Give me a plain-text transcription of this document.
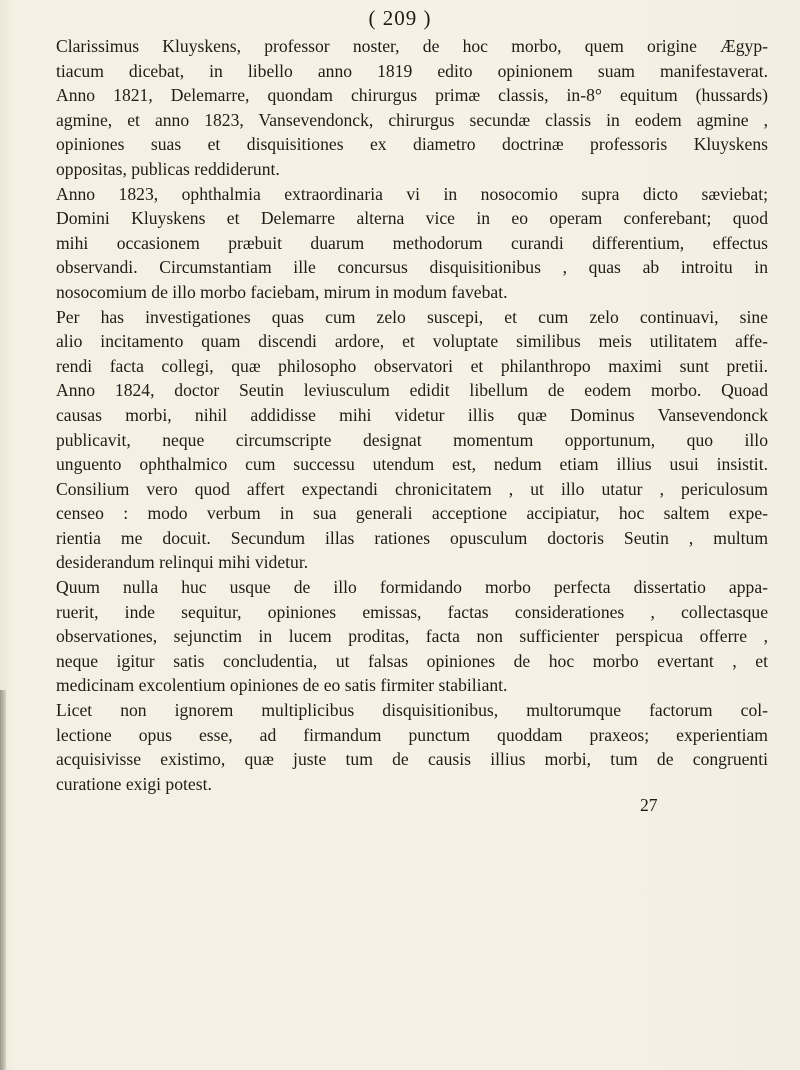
( 209 )
Clarissimus Kluyskens, professor noster, de hoc morbo, quem origine Ægyp-
tiacum dicebat, in libello anno 1819 edito opinionem suam manifestaverat.
Anno 1821, Delemarre, quondam chirurgus primæ classis, in-8° equitum (hussards)
agmine, et anno 1823, Vansevendonck, chirurgus secundæ classis in eodem agmine ,
opiniones suas et disquisitiones ex diametro doctrinæ professoris Kluyskens
oppositas, publicas reddiderunt.
Anno 1823, ophthalmia extraordinaria vi in nosocomio supra dicto sæviebat;
Domini Kluyskens et Delemarre alterna vice in eo operam conferebant; quod
mihi occasionem præbuit duarum methodorum curandi differentium, effectus
observandi. Circumstantiam ille concursus disquisitionibus , quas ab introitu in
nosocomium de illo morbo faciebam, mirum in modum favebat.
Per has investigationes quas cum zelo suscepi, et cum zelo continuavi, sine
alio incitamento quam discendi ardore, et voluptate similibus meis utilitatem affe-
rendi facta collegi, quæ philosopho observatori et philanthropo maximi sunt pretii.
Anno 1824, doctor Seutin leviusculum edidit libellum de eodem morbo. Quoad
causas morbi, nihil addidisse mihi videtur illis quæ Dominus Vansevendonck
publicavit, neque circumscripte designat momentum opportunum, quo illo
unguento ophthalmico cum successu utendum est, nedum etiam illius usui insistit.
Consilium vero quod affert expectandi chronicitatem , ut illo utatur , periculosum
censeo : modo verbum in sua generali acceptione accipiatur, hoc saltem expe-
rientia me docuit. Secundum illas rationes opusculum doctoris Seutin , multum
desiderandum relinqui mihi videtur.
Quum nulla huc usque de illo formidando morbo perfecta dissertatio appa-
ruerit, inde sequitur, opiniones emissas, factas considerationes , collectasque
observationes, sejunctim in lucem proditas, facta non sufficienter perspicua offerre ,
neque igitur satis concludentia, ut falsas opiniones de hoc morbo evertant , et
medicinam excolentium opiniones de eo satis firmiter stabiliant.
Licet non ignorem multiplicibus disquisitionibus, multorumque factorum col-
lectione opus esse, ad firmandum punctum quoddam praxeos; experientiam
acquisivisse existimo, quæ juste tum de causis illius morbi, tum de congruenti
curatione exigi potest.
27
